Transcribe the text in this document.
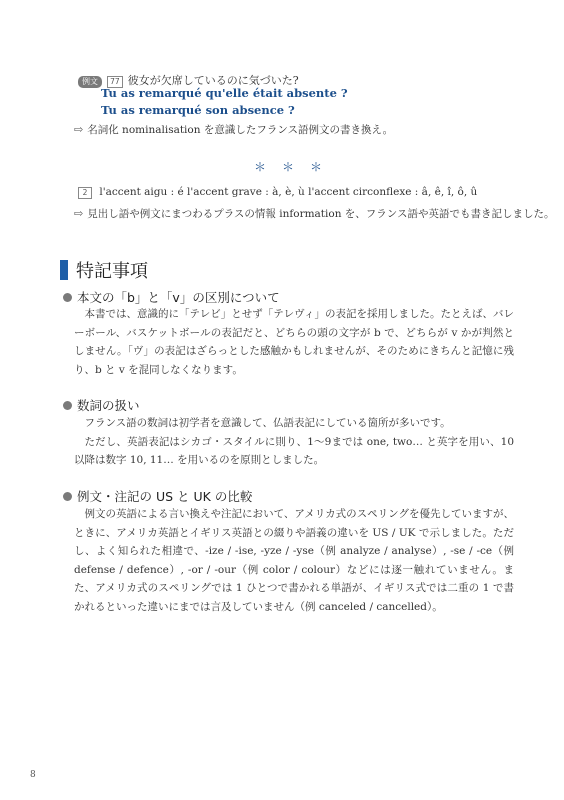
例文 77 彼女が欠席しているのに気づいた?
Tu as remarqué qu'elle était absente ?
Tu as remarqué son absence ?
⇨ 名詞化 nominalisation を意識したフランス語例文の書き換え。
＊　＊　＊
2 l'accent aigu : é l'accent grave : à, è, ù l'accent circonflexe : â, ê, î, ô, û
⇨ 見出し語や例文にまつわるプラスの情報 information を、フランス語や英語でも書き記しました。
特記事項
本文の「b」と「v」の区別について

本書では、意識的に「テレビ」とせず「テレヴィ」の表記を採用しました。たとえば、バレーボール、バスケットボールの表記だと、どちらの頭の文字が b で、どちらが v かが判然としません。「ヴ」の表記はざらっとした感触かもしれませんが、そのためにきちんと記憶に残り、b と v を混同しなくなります。

数詞の扱い

フランス語の数詞は初学者を意識して、仏語表記にしている箇所が多いです。

ただし、英語表記はシカゴ・スタイルに則り、1～9までは one, two… と英字を用い、10以降は数字 10, 11… を用いるのを原則としました。

例文・注記の US と UK の比較

例文の英語による言い換えや注記において、アメリカ式のスペリングを優先していますが、ときに、アメリカ英語とイギリス英語との綴りや語義の違いを US / UK で示しました。ただし、よく知られた相違で、-ize / -ise, -yze / -yse（例 analyze / analyse）, -se / -ce（例 defense / defence）, -or / -our（例 color / colour）などには逐一触れていません。また、アメリカ式のスペリングでは 1 ひとつで書かれる単語が、イギリス式では二重の 1 で書かれるといった違いにまでは言及していません（例 canceled / cancelled）。

8
